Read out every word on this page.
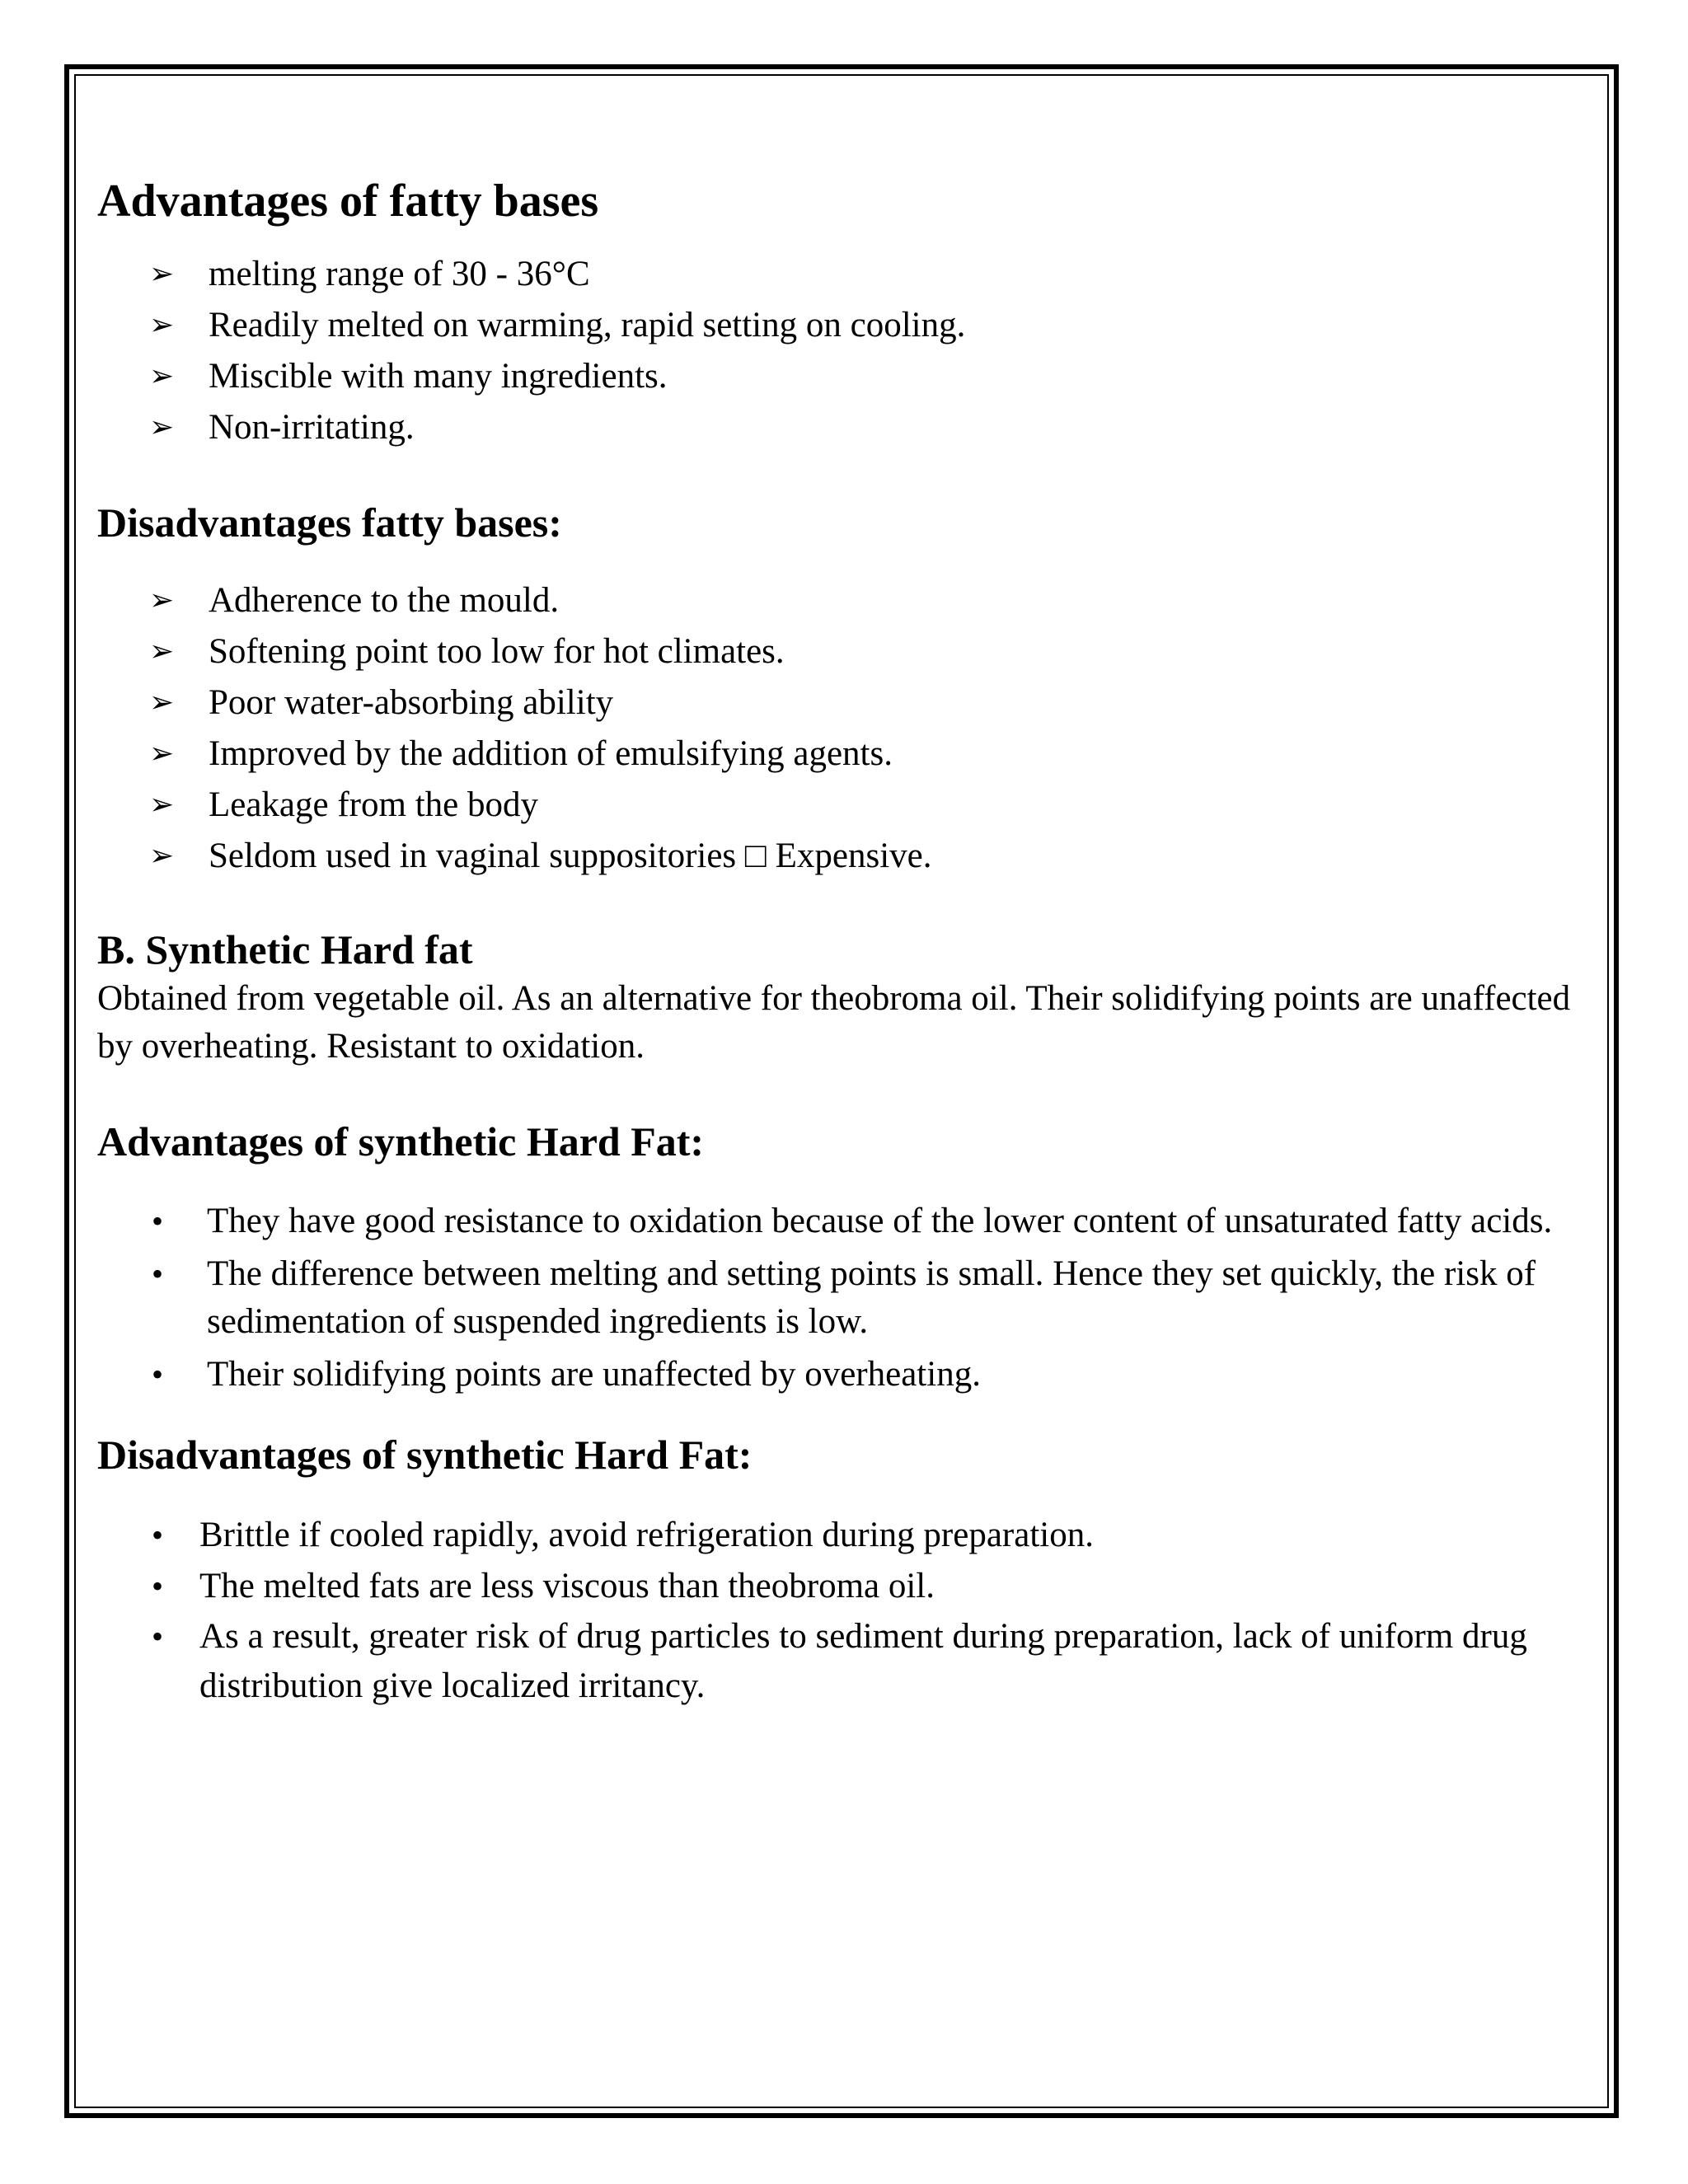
Advantages of fatty bases
➢ melting range of 30 - 36°C
➢ Readily melted on warming, rapid setting on cooling.
➢ Miscible with many ingredients.
➢ Non-irritating.
Disadvantages fatty bases:
➢ Adherence to the mould.
➢ Softening point too low for hot climates.
➢ Poor water-absorbing ability
➢ Improved by the addition of emulsifying agents.
➢ Leakage from the body
➢ Seldom used in vaginal suppositories □ Expensive.
B. Synthetic Hard fat

Obtained from vegetable oil. As an alternative for theobroma oil. Their solidifying points are unaffected by overheating. Resistant to oxidation.

Advantages of synthetic Hard Fat:
• They have good resistance to oxidation because of the lower content of unsaturated fatty acids.
• The difference between melting and setting points is small. Hence they set quickly, the risk of sedimentation of suspended ingredients is low.
• Their solidifying points are unaffected by overheating.
Disadvantages of synthetic Hard Fat:
• Brittle if cooled rapidly, avoid refrigeration during preparation.
• The melted fats are less viscous than theobroma oil.
• As a result, greater risk of drug particles to sediment during preparation, lack of uniform drug distribution give localized irritancy.
